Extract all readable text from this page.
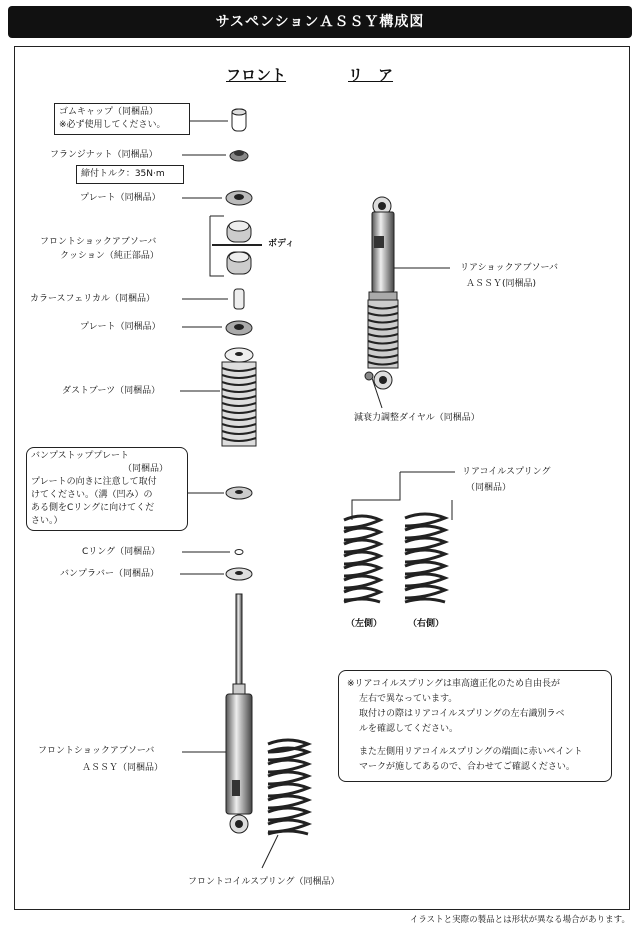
サスペンションＡＳＳＹ構成図
フロント	リ　ア
ゴムキャップ（同梱品）
※必ず使用してください。
フランジナット（同梱品）
締付トルク：35N·m
プレート（同梱品）
フロントショックアブソーバ
クッション（純正部品）
ボディ
カラースフェリカル（同梱品）
プレート（同梱品）
ダストブーツ（同梱品）
バンプストッププレート
（同梱品）
プレートの向きに注意して取付
けてください。（溝（凹み）の
ある側をCリングに向けてくだ
さい。）
Cリング（同梱品）
バンプラバー（同梱品）
フロントショックアブソーバ
ＡＳＳＹ（同梱品）
フロントコイルスプリング（同梱品）
リアショックアブソーバ
ＡＳＳＹ(同梱品)
減衰力調整ダイヤル（同梱品）
リアコイルスプリング
（同梱品）
（左側）	（右側）
※リアコイルスプリングは車高適正化のため自由長が
左右で異なっています。
取付けの際はリアコイルスプリングの左右識別ラベ
ルを確認してください。
また左側用リアコイルスプリングの端面に赤いペイント
マークが施してあるので、合わせてご確認ください。
イラストと実際の製品とは形状が異なる場合があります。
